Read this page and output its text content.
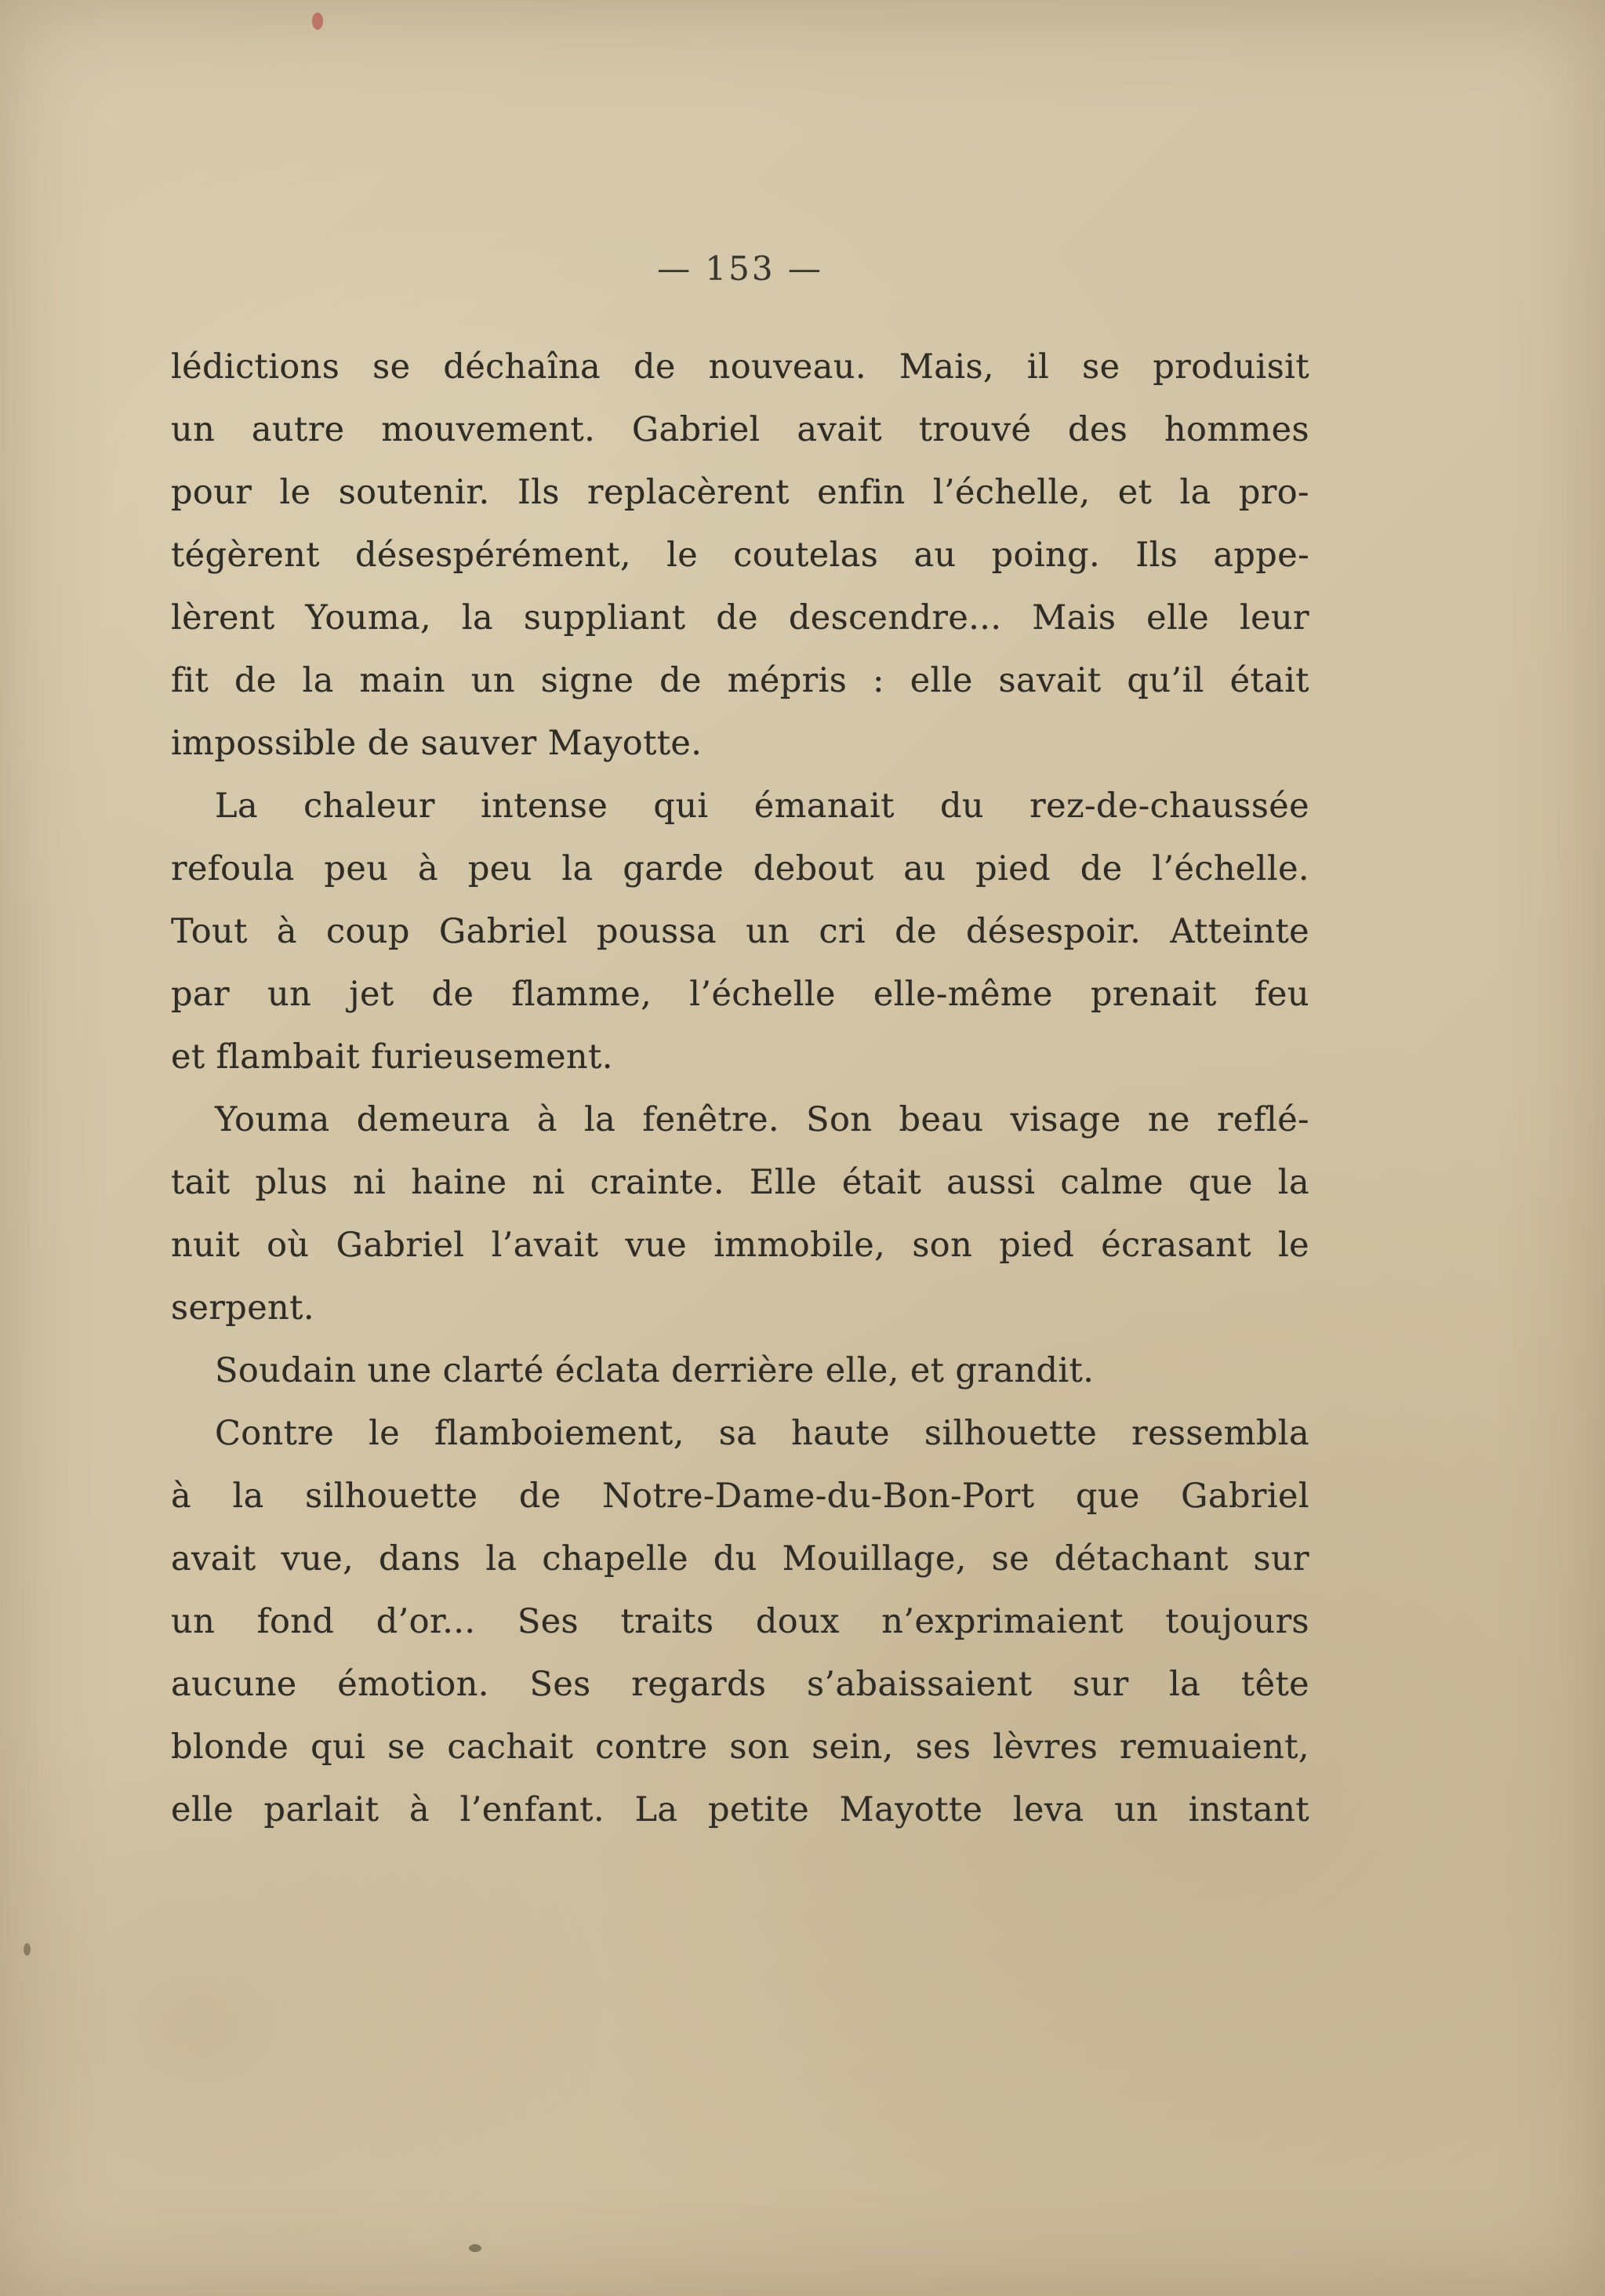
— 153 —
lédictions se déchaîna de nouveau. Mais, il se produisit
un autre mouvement. Gabriel avait trouvé des hommes
pour le soutenir. Ils replacèrent enfin l’échelle, et la pro-
tégèrent désespérément, le coutelas au poing. Ils appe-
lèrent Youma, la suppliant de descendre... Mais elle leur
fit de la main un signe de mépris : elle savait qu’il était
impossible de sauver Mayotte.
La chaleur intense qui émanait du rez-de-chaussée
refoula peu à peu la garde debout au pied de l’échelle.
Tout à coup Gabriel poussa un cri de désespoir. Atteinte
par un jet de flamme, l’échelle elle-même prenait feu
et flambait furieusement.
Youma demeura à la fenêtre. Son beau visage ne reflé-
tait plus ni haine ni crainte. Elle était aussi calme que la
nuit où Gabriel l’avait vue immobile, son pied écrasant le
serpent.
Soudain une clarté éclata derrière elle, et grandit.
Contre le flamboiement, sa haute silhouette ressembla
à la silhouette de Notre-Dame-du-Bon-Port que Gabriel
avait vue, dans la chapelle du Mouillage, se détachant sur
un fond d’or... Ses traits doux n’exprimaient toujours
aucune émotion. Ses regards s’abaissaient sur la tête
blonde qui se cachait contre son sein, ses lèvres remuaient,
elle parlait à l’enfant. La petite Mayotte leva un instant
